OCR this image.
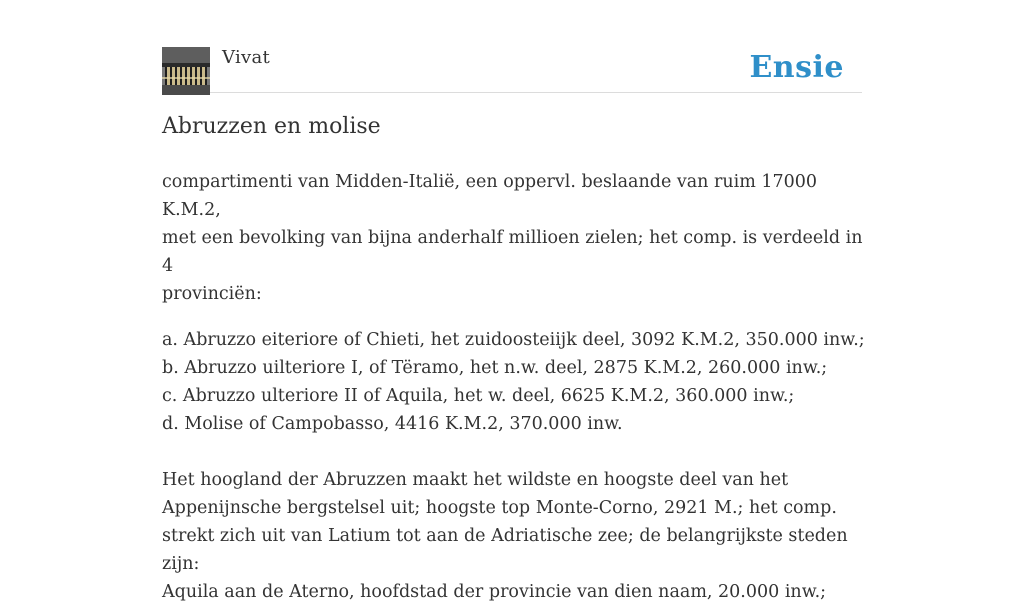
Vivat	Ensie
Abruzzen en molise

compartimenti van Midden-Italië, een oppervl. beslaande van ruim 17000 K.M.2,
met een bevolking van bijna anderhalf millioen zielen; het comp. is verdeeld in 4
provinciën:

a. Abruzzo eiteriore of Chieti, het zuidoosteiijk deel, 3092 K.M.2, 350.000 inw.;
b. Abruzzo uilteriore I, of Tëramo, het n.w. deel, 2875 K.M.2, 260.000 inw.;
c. Abruzzo ulteriore II of Aquila, het w. deel, 6625 K.M.2, 360.000 inw.;
d. Molise of Campobasso, 4416 K.M.2, 370.000 inw.

Het hoogland der Abruzzen maakt het wildste en hoogste deel van het
Appenijnsche bergstelsel uit; hoogste top Monte-Corno, 2921 M.; het comp.
strekt zich uit van Latium tot aan de Adriatische zee; de belangrijkste steden zijn:
Aquila aan de Aterno, hoofdstad der provincie van dien naam, 20.000 inw.;
